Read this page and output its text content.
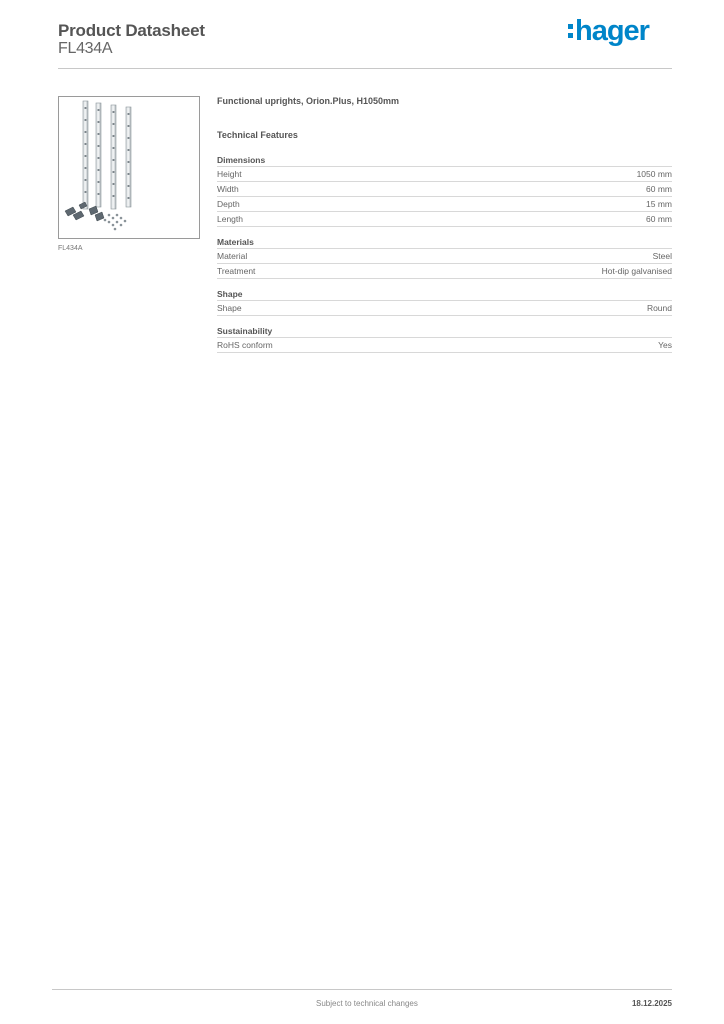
Product Datasheet
FL434A
hager
FL434A
Functional uprights, Orion.Plus, H1050mm
Technical Features
Dimensions
Height	1050 mm
Width	60 mm
Depth	15 mm
Length	60 mm
Materials
Material	Steel
Treatment	Hot-dip galvanised
Shape
Shape	Round
Sustainability
RoHS conform	Yes
Subject to technical changes	18.12.2025
